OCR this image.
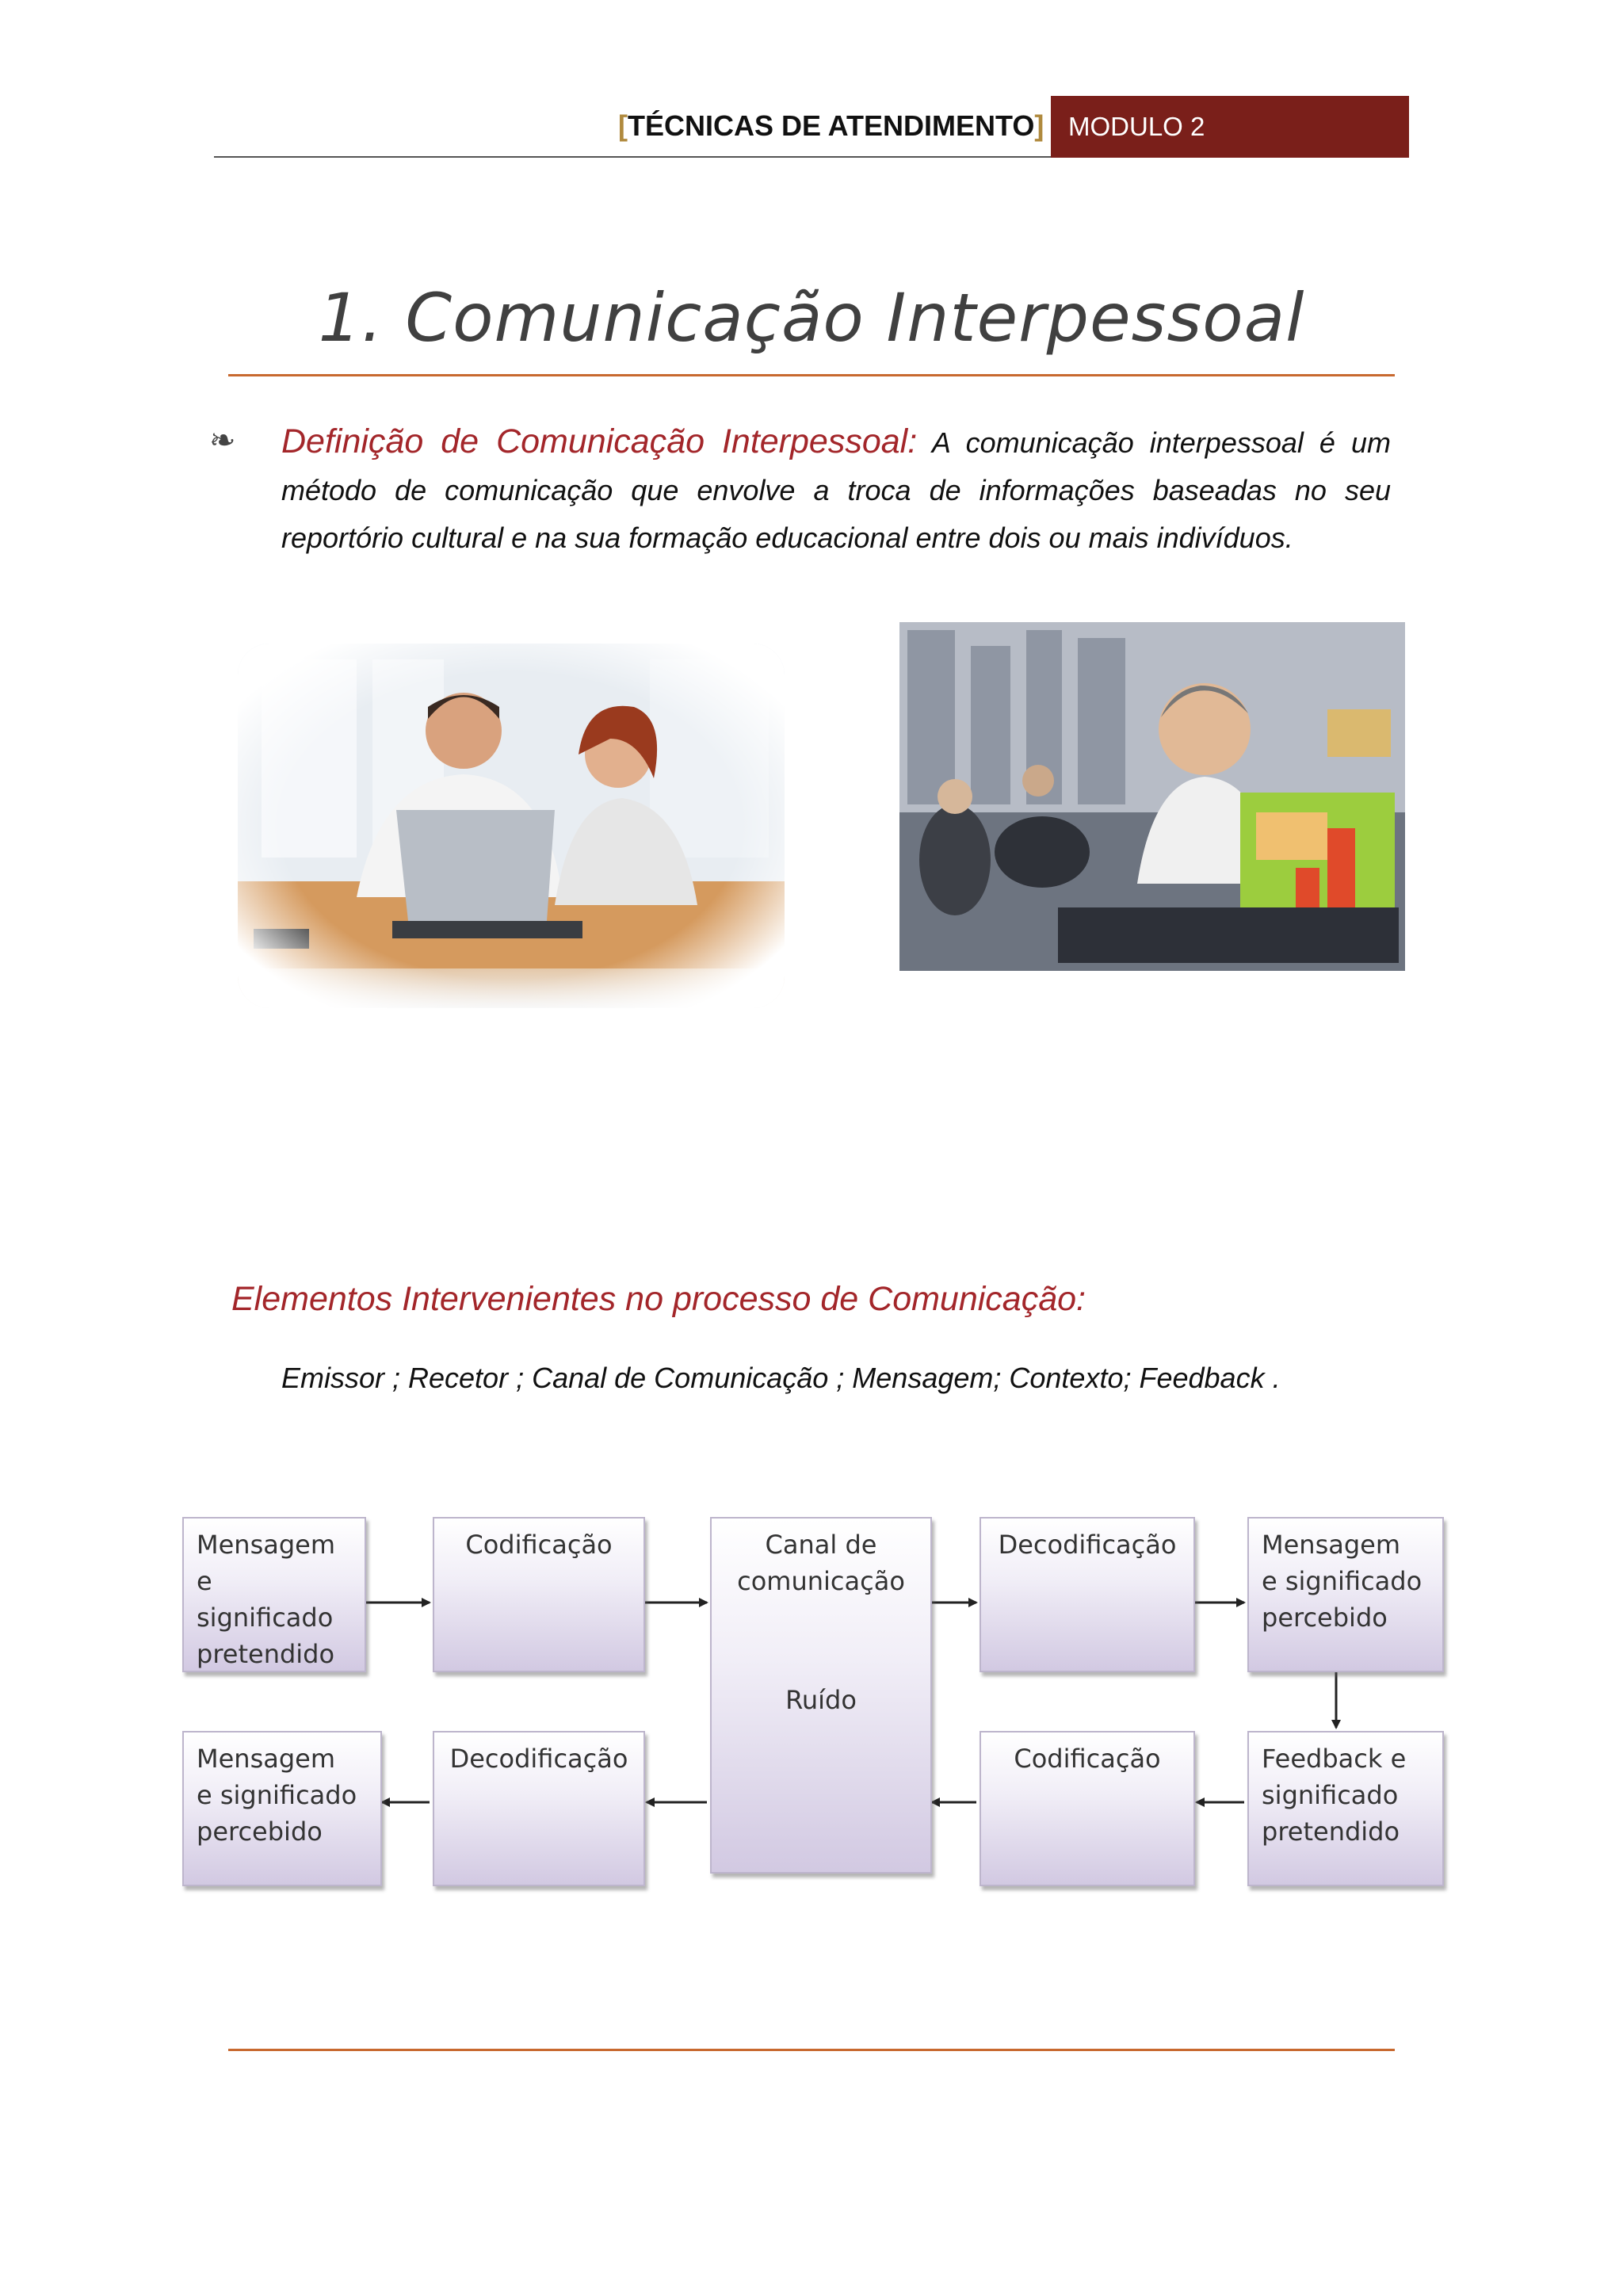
[TÉCNICAS DE ATENDIMENTO] MODULO 2
1. Comunicação Interpessoal
❧	Definição de Comunicação Interpessoal: A comunicação interpessoal é um método de comunicação que envolve a troca de informações baseadas no seu reportório cultural e na sua formação educacional entre dois ou mais indivíduos.
Elementos Intervenientes no processo de Comunicação:
Emissor ; Recetor ; Canal de Comunicação ; Mensagem; Contexto; Feedback .
Mensagem
e
significado
pretendido
Codificação	Canal de
comunicação
Ruído
Decodificação	Mensagem
e significado
percebido
Mensagem
e significado
percebido
Decodificação	Codificação	Feedback e
significado
pretendido
